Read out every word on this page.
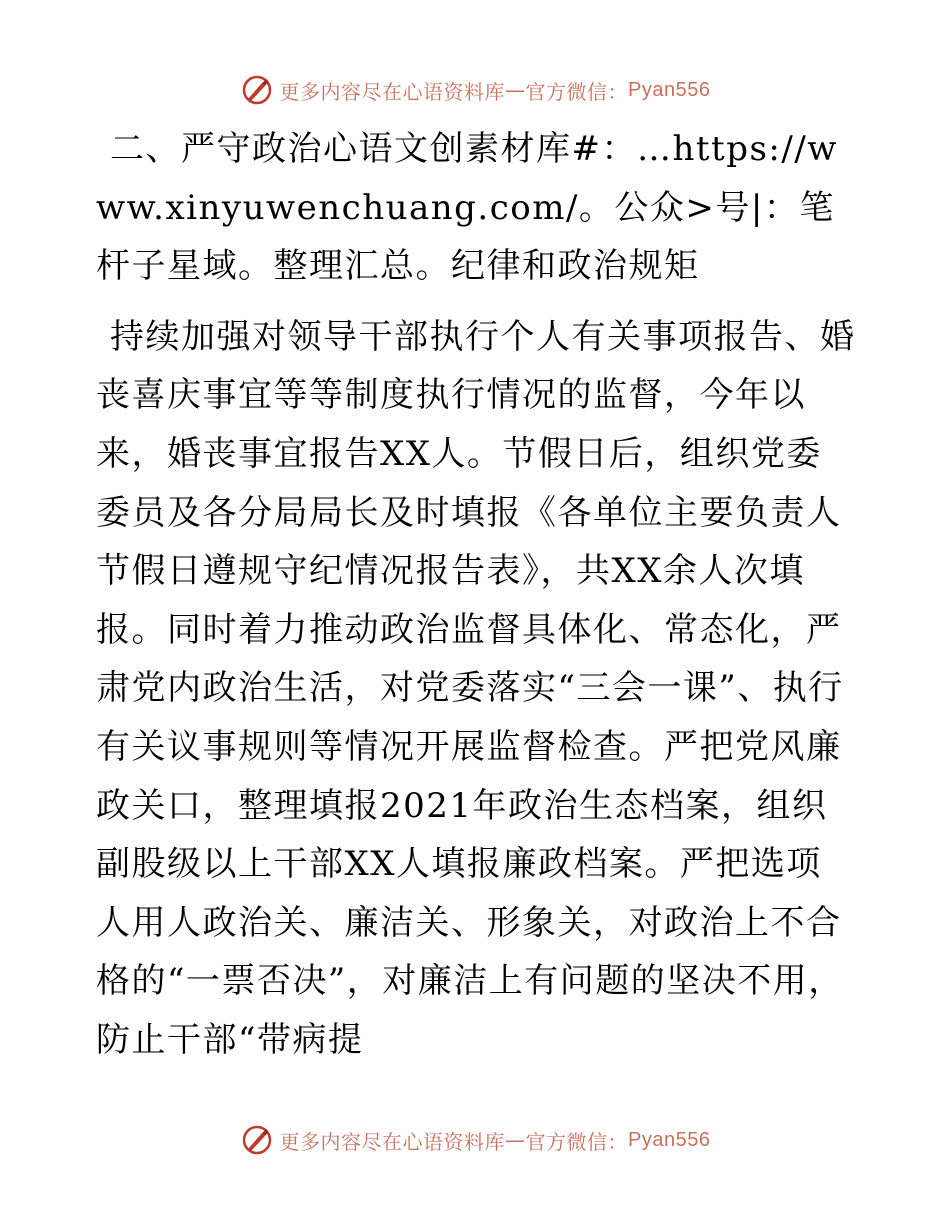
更多内容尽在心语资料库 — 官方微信： Pyan556

二、严守政治心语文创素材库#：…https://www.xinyuwenchuang.com/。公众>号|：笔杆子星域。整理汇总。纪律和政治规矩

持续加强对领导干部执行个人有关事项报告、婚丧喜庆事宜等等制度执行情况的监督，今年以来，婚丧事宜报告XX人。节假日后，组织党委委员及各分局局长及时填报《各单位主要负责人节假日遵规守纪情况报告表》，共XX余人次填报。同时着力推动政治监督具体化、常态化，严肃党内政治生活，对党委落实“三会一课”、执行有关议事规则等情况开展监督检查。严把党风廉政关口，整理填报2021年政治生态档案，组织副股级以上干部XX人填报廉政档案。严把选项人用人政治关、廉洁关、形象关，对政治上不合格的“一票否决”，对廉洁上有问题的坚决不用，防止干部“带病提

更多内容尽在心语资料库 — 官方微信： Pyan556
